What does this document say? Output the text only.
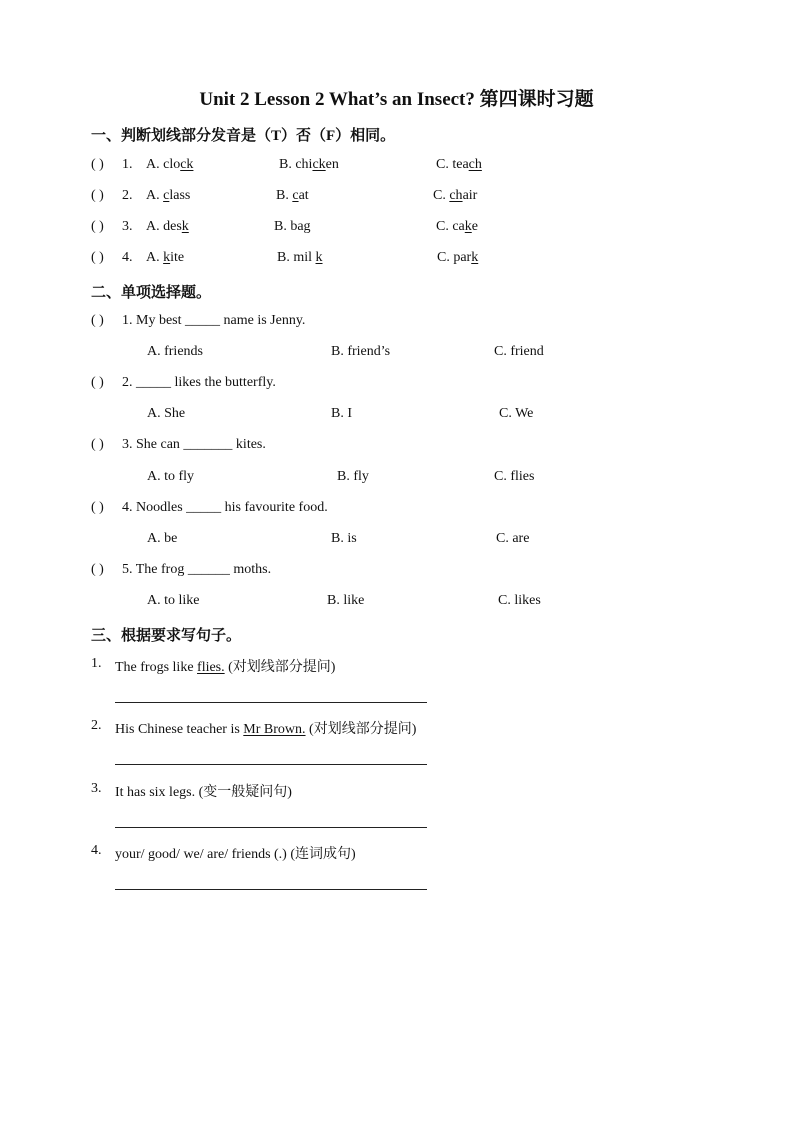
Unit 2 Lesson 2 What’s an Insect? 第四课时习题
一、判断划线部分发音是（T）否（F）相同。
( ) 1. A. clock	B. chicken	C. teach
( ) 2. A. class	B. cat	C. chair
( ) 3. A. desk	B. bag	C. cake
( ) 4. A. kite	B. mil k	C. park
二、单项选择题。
( ) 1. My best _____ name is Jenny.
A. friends	B. friend’s	C. friend
( ) 2. _____ likes the butterfly.
A. She	B. I	C. We
( ) 3. She can _______ kites.
A. to fly	B. fly	C. flies
( ) 4. Noodles _____ his favourite food.
A. be	B. is	C. are
( ) 5. The frog ______ moths.
A. to like	B. like	C. likes
三、根据要求写句子。
1. The frogs like flies. (对划线部分提问)
2. His Chinese teacher is Mr Brown. (对划线部分提问)
3. It has six legs. (变一般疑问句)
4. your/ good/ we/ are/ friends (.) (连词成句)
